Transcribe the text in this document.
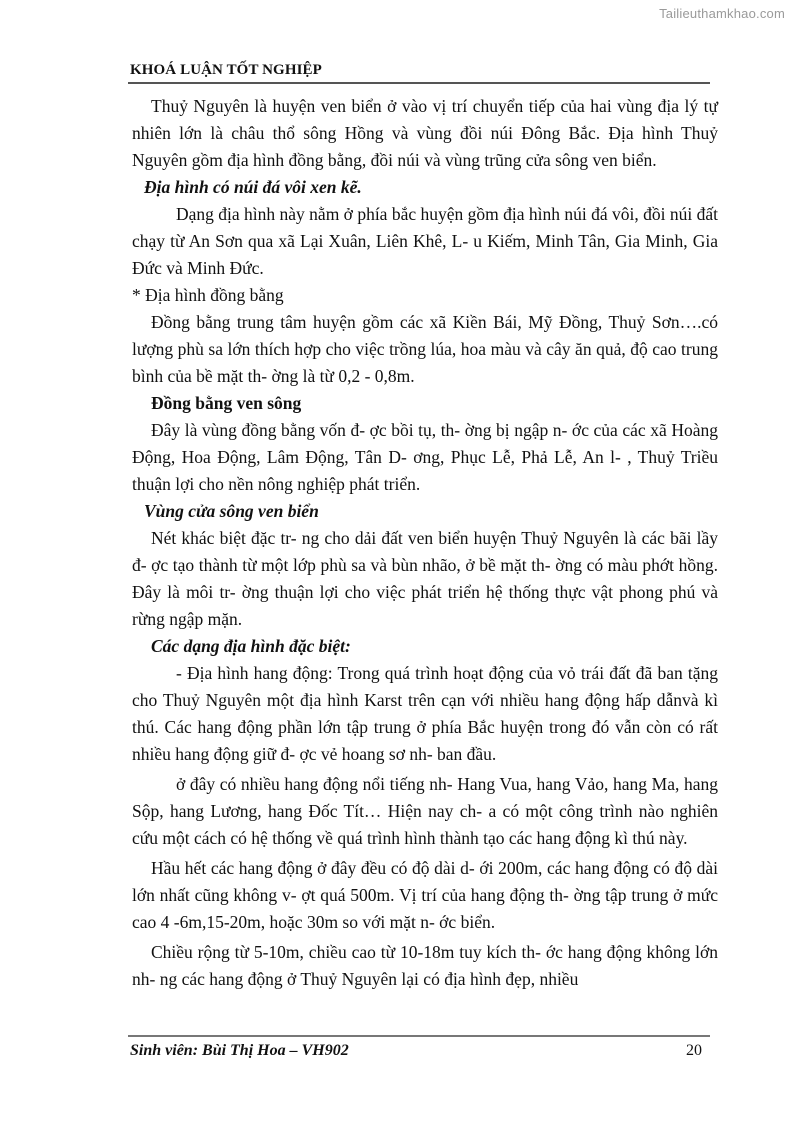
Tailieuthamkhao.com
KHOÁ LUẬN TỐT NGHIỆP

Thuỷ Nguyên là huyện ven biển ở vào vị trí chuyển tiếp của hai vùng địa lý tự nhiên lớn là châu thổ sông Hồng và vùng đồi núi Đông Bắc. Địa hình Thuỷ Nguyên gồm địa hình đồng bằng, đồi núi và vùng trũng cửa sông ven biển.

Địa hình có núi đá vôi xen kẽ.

Dạng địa hình này nằm ở phía bắc huyện gồm địa hình núi đá vôi, đồi núi đất chạy từ An Sơn qua xã Lại Xuân, Liên Khê, L- u Kiếm, Minh Tân, Gia Minh, Gia Đức và Minh Đức.

* Địa hình đồng bằng

Đồng bằng trung tâm huyện gồm các xã Kiền Bái, Mỹ Đồng, Thuỷ Sơn….có lượng phù sa lớn thích hợp cho việc trồng lúa, hoa màu và cây ăn quả, độ cao trung bình của bề mặt th- ờng là từ 0,2 - 0,8m.

Đồng bằng ven sông

Đây là vùng đồng bằng vốn đ- ợc bồi tụ, th- ờng bị ngập n- ớc của các xã Hoàng Động, Hoa Động, Lâm Động, Tân D- ơng, Phục Lễ, Phả Lễ, An l- , Thuỷ Triều thuận lợi cho nền nông nghiệp phát triển.

Vùng cửa sông ven biển

Nét khác biệt đặc tr- ng cho dải đất ven biển huyện Thuỷ Nguyên là các bãi lầy đ- ợc tạo thành từ một lớp phù sa và bùn nhão, ở bề mặt th- ờng có màu phớt hồng. Đây là môi tr- ờng thuận lợi cho việc phát triển hệ thống thực vật phong phú và rừng ngập mặn.

Các dạng địa hình đặc biệt:

- Địa hình hang động: Trong quá trình hoạt động của vỏ trái đất đã ban tặng cho Thuỷ Nguyên một địa hình Karst trên cạn với nhiều hang động hấp dẫnvà kì thú. Các hang động phần lớn tập trung ở phía Bắc huyện trong đó vẫn còn có rất nhiều hang động giữ đ- ợc vẻ hoang sơ nh- ban đầu.

ở đây có nhiều hang động nổi tiếng nh- Hang Vua, hang Vảo, hang Ma, hang Sộp, hang Lương, hang Đốc Tít… Hiện nay ch- a có một công trình nào nghiên cứu một cách có hệ thống về quá trình hình thành tạo các hang động kì thú này.

Hầu hết các hang động ở đây đều có độ dài d- ới 200m, các hang động có độ dài lớn nhất cũng không v- ợt quá 500m. Vị trí của hang động th- ờng tập trung ở mức cao 4 -6m,15-20m, hoặc 30m so với mặt n- ớc biển.

Chiều rộng từ 5-10m, chiều cao từ 10-18m tuy kích th- ớc hang động không lớn nh- ng các hang động ở Thuỷ Nguyên lại có địa hình đẹp, nhiều

Sinh viên: Bùi Thị Hoa – VH902	20
